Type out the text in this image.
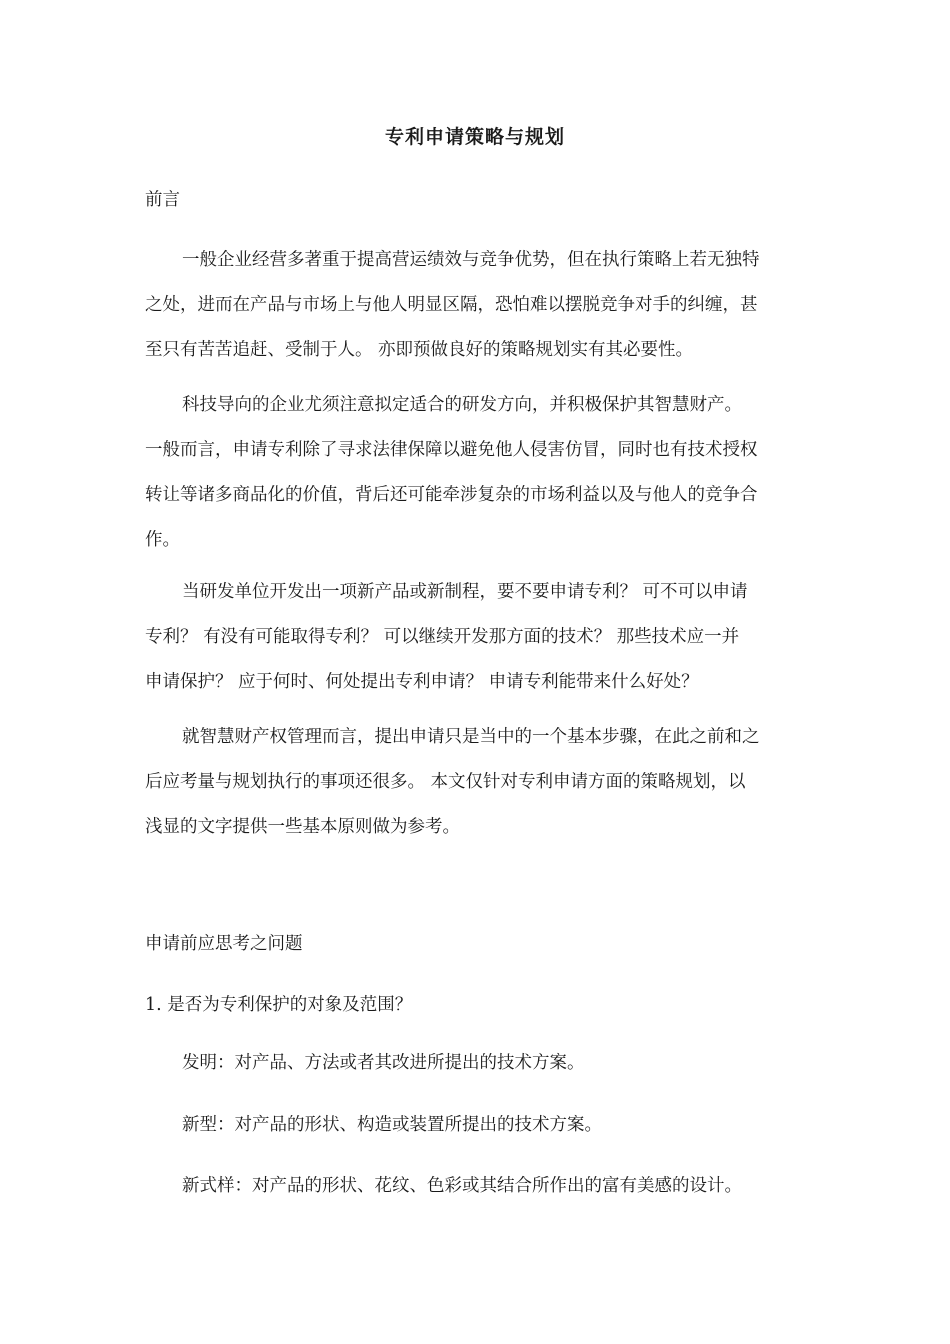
专利申请策略与规划

前言

一般企业经营多著重于提高营运绩效与竞争优势，但在执行策略上若无独特
之处，进而在产品与市场上与他人明显区隔，恐怕难以摆脱竞争对手的纠缠，甚
至只有苦苦追赶、受制于人。 亦即预做良好的策略规划实有其必要性。
科技导向的企业尤须注意拟定适合的研发方向，并积极保护其智慧财产。
一般而言，申请专利除了寻求法律保障以避免他人侵害仿冒，同时也有技术授权
转让等诸多商品化的价值，背后还可能牵涉复杂的市场利益以及与他人的竞争合
作。
当研发单位开发出一项新产品或新制程，要不要申请专利？ 可不可以申请
专利？ 有没有可能取得专利？ 可以继续开发那方面的技术？ 那些技术应一并
申请保护？ 应于何时、何处提出专利申请？ 申请专利能带来什么好处？
就智慧财产权管理而言，提出申请只是当中的一个基本步骤，在此之前和之
后应考量与规划执行的事项还很多。 本文仅针对专利申请方面的策略规划，以
浅显的文字提供一些基本原则做为参考。

申请前应思考之问题

1. 是否为专利保护的对象及范围？

发明：对产品、方法或者其改进所提出的技术方案。

新型：对产品的形状、构造或装置所提出的技术方案。

新式样：对产品的形状、花纹、色彩或其结合所作出的富有美感的设计。
